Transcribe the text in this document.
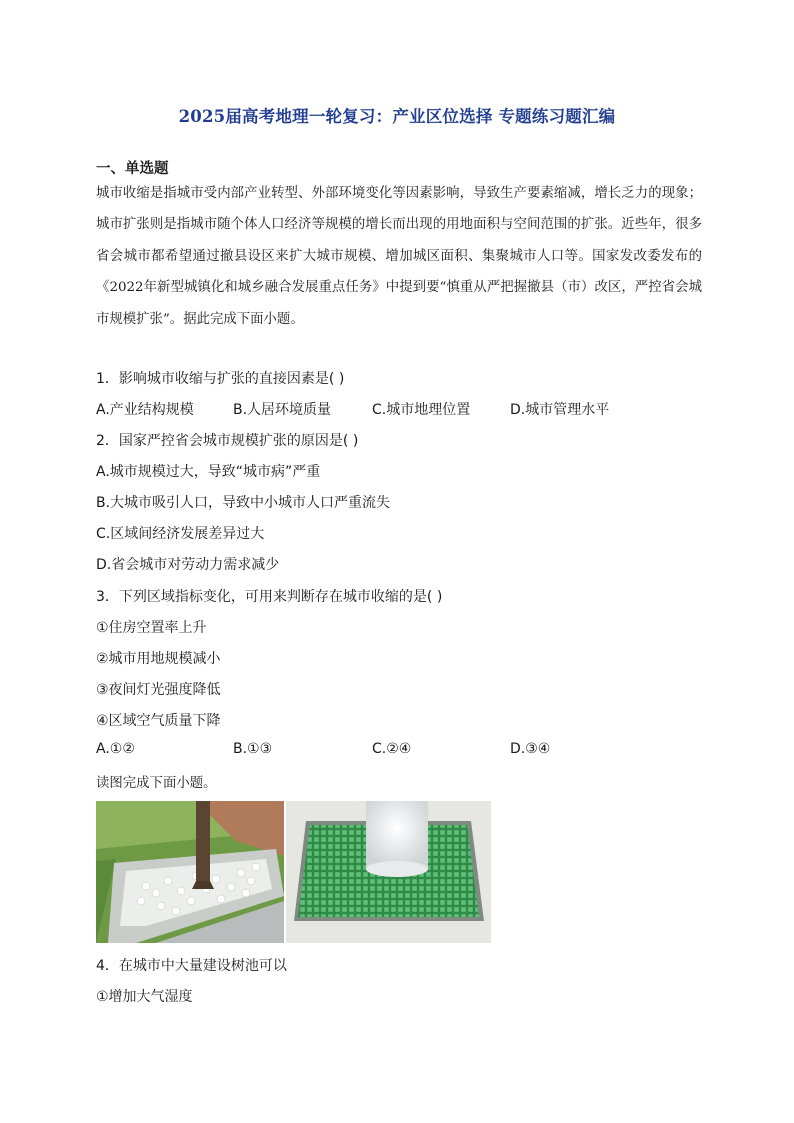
2025届高考地理一轮复习：产业区位选择 专题练习题汇编
一、单选题
城市收缩是指城市受内部产业转型、外部环境变化等因素影响，导致生产要素缩减，增长乏力的现象；城市扩张则是指城市随个体人口经济等规模的增长而出现的用地面积与空间范围的扩张。近些年，很多省会城市都希望通过撤县设区来扩大城市规模、增加城区面积、集聚城市人口等。国家发改委发布的《2022年新型城镇化和城乡融合发展重点任务》中提到要“慎重从严把握撤县（市）改区，严控省会城市规模扩张”。据此完成下面小题。
1．影响城市收缩与扩张的直接因素是( )
A.产业结构规模	B.人居环境质量	C.城市地理位置	D.城市管理水平
2．国家严控省会城市规模扩张的原因是( )
A.城市规模过大，导致“城市病”严重
B.大城市吸引人口，导致中小城市人口严重流失
C.区域间经济发展差异过大
D.省会城市对劳动力需求减少
3．下列区域指标变化，可用来判断存在城市收缩的是( )
①住房空置率上升
②城市用地规模减小
③夜间灯光强度降低
④区域空气质量下降
A.①②	B.①③	C.②④	D.③④
读图完成下面小题。
4．在城市中大量建设树池可以
①增加大气湿度
